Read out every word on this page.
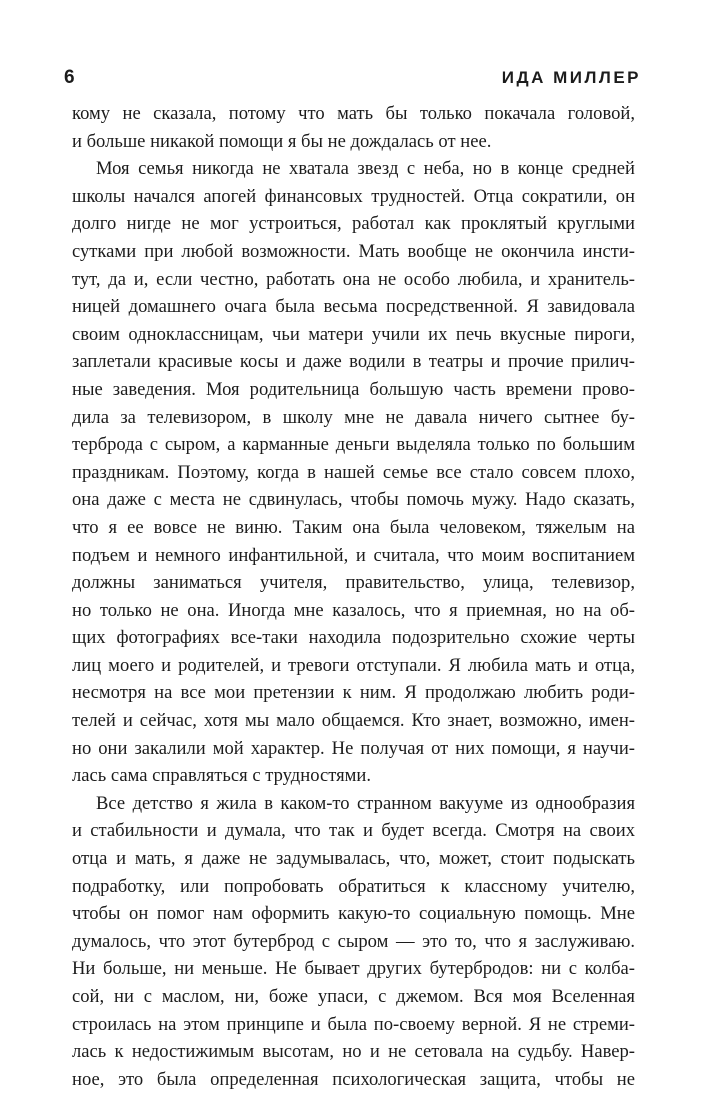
6	ИДА МИЛЛЕР

кому не сказала, потому что мать бы только покачала головой,
и больше никакой помощи я бы не дождалась от нее.

Моя семья никогда не хватала звезд с неба, но в конце средней
школы начался апогей финансовых трудностей. Отца сократили, он
долго нигде не мог устроиться, работал как проклятый круглыми
сутками при любой возможности. Мать вообще не окончила инсти-
тут, да и, если честно, работать она не особо любила, и хранитель-
ницей домашнего очага была весьма посредственной. Я завидовала
своим одноклассницам, чьи матери учили их печь вкусные пироги,
заплетали красивые косы и даже водили в театры и прочие прилич-
ные заведения. Моя родительница большую часть времени прово-
дила за телевизором, в школу мне не давала ничего сытнее бу-
терброда с сыром, а карманные деньги выделяла только по большим
праздникам. Поэтому, когда в нашей семье все стало совсем плохо,
она даже с места не сдвинулась, чтобы помочь мужу. Надо сказать,
что я ее вовсе не виню. Таким она была человеком, тяжелым на
подъем и немного инфантильной, и считала, что моим воспитанием
должны заниматься учителя, правительство, улица, телевизор,
но только не она. Иногда мне казалось, что я приемная, но на об-
щих фотографиях все-таки находила подозрительно схожие черты
лиц моего и родителей, и тревоги отступали. Я любила мать и отца,
несмотря на все мои претензии к ним. Я продолжаю любить роди-
телей и сейчас, хотя мы мало общаемся. Кто знает, возможно, имен-
но они закалили мой характер. Не получая от них помощи, я научи-
лась сама справляться с трудностями.

Все детство я жила в каком-то странном вакууме из однообразия
и стабильности и думала, что так и будет всегда. Смотря на своих
отца и мать, я даже не задумывалась, что, может, стоит подыскать
подработку, или попробовать обратиться к классному учителю,
чтобы он помог нам оформить какую-то социальную помощь. Мне
думалось, что этот бутерброд с сыром — это то, что я заслуживаю.
Ни больше, ни меньше. Не бывает других бутербродов: ни с колба-
сой, ни с маслом, ни, боже упаси, с джемом. Вся моя Вселенная
строилась на этом принципе и была по-своему верной. Я не стреми-
лась к недостижимым высотам, но и не сетовала на судьбу. Навер-
ное, это была определенная психологическая защита, чтобы не
